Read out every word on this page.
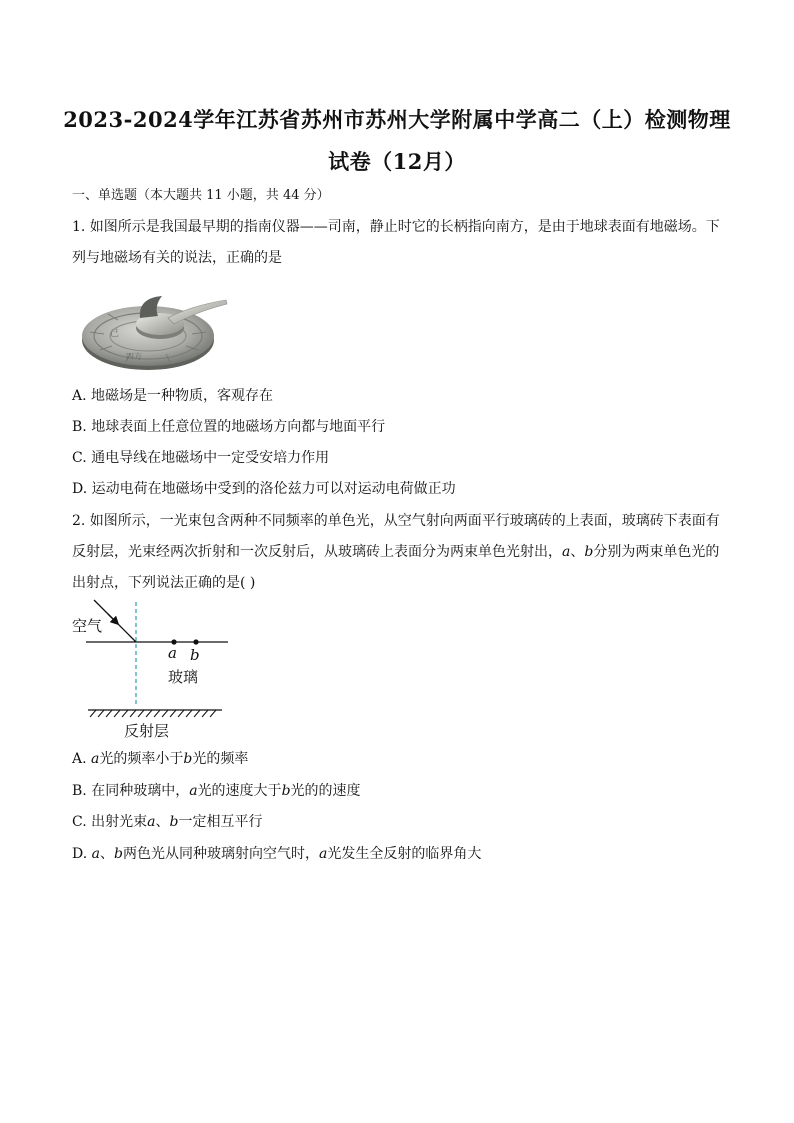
2023-2024学年江苏省苏州市苏州大学附属中学高二（上）检测物理
试卷（12月）
一、单选题（本大题共 11 小题，共 44 分）
1. 如图所示是我国最早期的指南仪器——司南，静止时它的长柄指向南方，是由于地球表面有地磁场。下
列与地磁场有关的说法，正确的是
四方
己
A. 地磁场是一种物质，客观存在
B. 地球表面上任意位置的地磁场方向都与地面平行
C. 通电导线在地磁场中一定受安培力作用
D. 运动电荷在地磁场中受到的洛伦兹力可以对运动电荷做正功
2. 如图所示，一光束包含两种不同频率的单色光，从空气射向两面平行玻璃砖的上表面，玻璃砖下表面有
反射层，光束经两次折射和一次反射后，从玻璃砖上表面分为两束单色光射出，a、b分别为两束单色光的
出射点，下列说法正确的是( )
空气
a b
玻璃
反射层
A. a光的频率小于b光的频率
B. 在同种玻璃中，a光的速度大于b光的的速度
C. 出射光束a、b一定相互平行
D. a、b两色光从同种玻璃射向空气时，a光发生全反射的临界角大
